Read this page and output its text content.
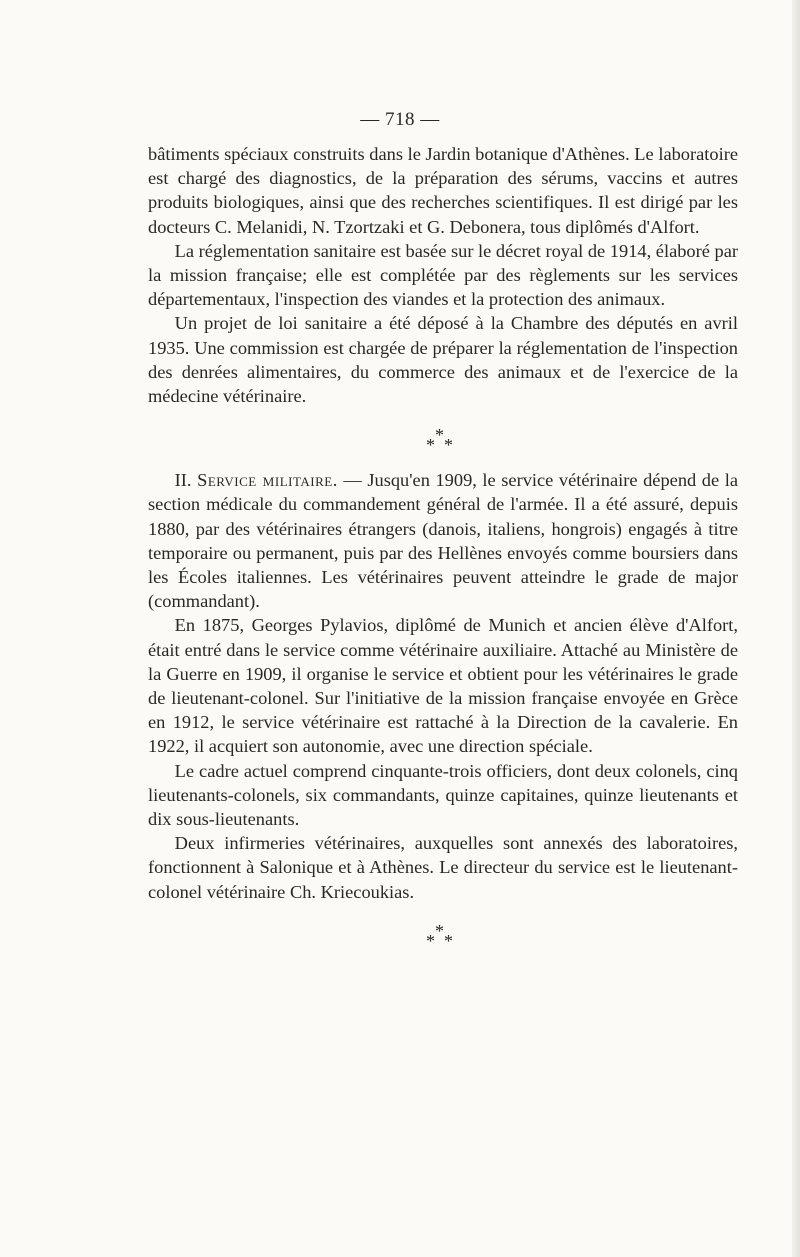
— 718 —

bâtiments spéciaux construits dans le Jardin botanique d'Athènes. Le laboratoire est chargé des diagnostics, de la préparation des sérums, vaccins et autres produits biologiques, ainsi que des recherches scientifiques. Il est dirigé par les docteurs C. Melanidi, N. Tzortzaki et G. Debonera, tous diplômés d'Alfort.

La réglementation sanitaire est basée sur le décret royal de 1914, élaboré par la mission française; elle est complétée par des règlements sur les services départementaux, l'inspection des viandes et la protection des animaux.

Un projet de loi sanitaire a été déposé à la Chambre des députés en avril 1935. Une commission est chargée de préparer la réglementation de l'inspection des denrées alimentaires, du commerce des animaux et de l'exercice de la médecine vétérinaire.

*
* *

II. Service militaire. — Jusqu'en 1909, le service vétérinaire dépend de la section médicale du commandement général de l'armée. Il a été assuré, depuis 1880, par des vétérinaires étrangers (danois, italiens, hongrois) engagés à titre temporaire ou permanent, puis par des Hellènes envoyés comme boursiers dans les Écoles italiennes. Les vétérinaires peuvent atteindre le grade de major (commandant).

En 1875, Georges Pylavios, diplômé de Munich et ancien élève d'Alfort, était entré dans le service comme vétérinaire auxiliaire. Attaché au Ministère de la Guerre en 1909, il organise le service et obtient pour les vétérinaires le grade de lieutenant-colonel. Sur l'initiative de la mission française envoyée en Grèce en 1912, le service vétérinaire est rattaché à la Direction de la cavalerie. En 1922, il acquiert son autonomie, avec une direction spéciale.

Le cadre actuel comprend cinquante-trois officiers, dont deux colonels, cinq lieutenants-colonels, six commandants, quinze capitaines, quinze lieutenants et dix sous-lieutenants.

Deux infirmeries vétérinaires, auxquelles sont annexés des laboratoires, fonctionnent à Salonique et à Athènes. Le directeur du service est le lieutenant-colonel vétérinaire Ch. Kriecoukias.

*
* *
